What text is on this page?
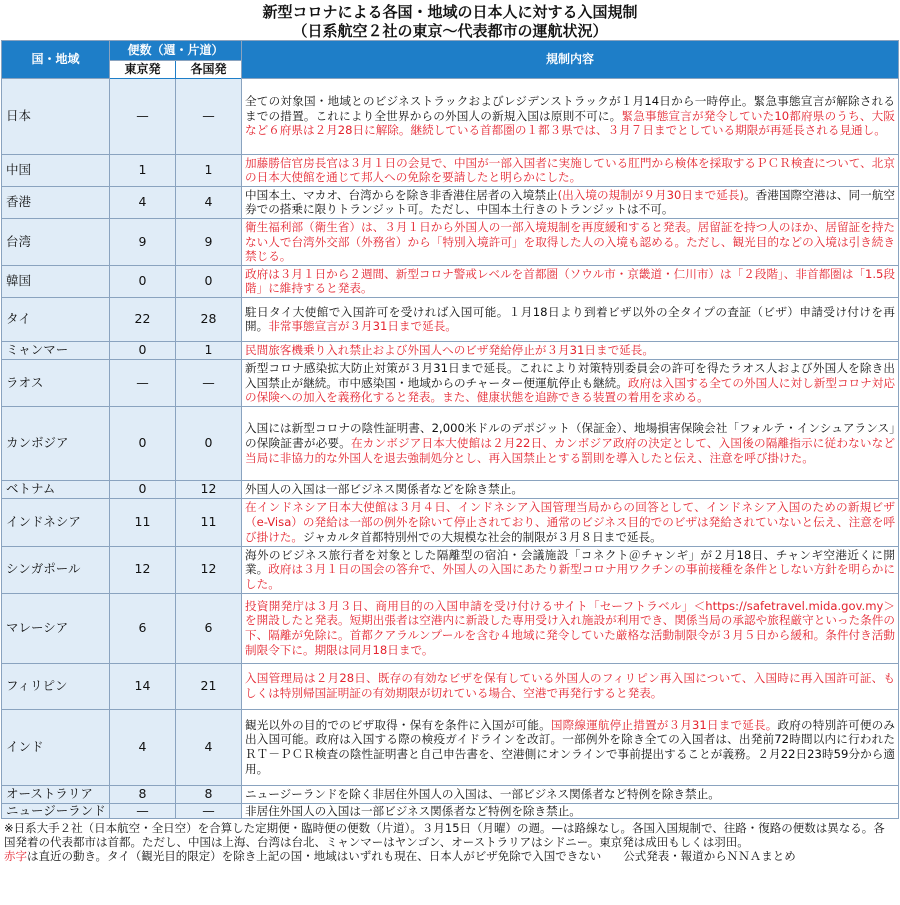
新型コロナによる各国・地域の日本人に対する入国規制
（日系航空２社の東京〜代表都市の運航状況）
国・地域	便数（週・片道）		規制内容
	東京発	各国発	
日本	—	—	全ての対象国・地域とのビジネストラックおよびレジデンストラックが１月14日から一時停止。緊急事態宣言が解除されるまでの措置。これにより全世界からの外国人の新規入国は原則不可に。緊急事態宣言が発令していた10都府県のうち、大阪など６府県は２月28日に解除。継続している首都圏の１都３県では、３月７日までとしている期限が再延長される見通し。
中国	1	1	加藤勝信官房長官は３月１日の会見で、中国が一部入国者に実施している肛門から検体を採取するＰＣＲ検査について、北京の日本大使館を通じて邦人への免除を要請したと明らかにした。
香港	4	4	中国本土、マカオ、台湾からを除き非香港住居者の入境禁止(出入境の規制が９月30日まで延長)。香港国際空港は、同一航空券での搭乗に限りトランジット可。ただし、中国本土行きのトランジットは不可。
台湾	9	9	衛生福利部（衛生省）は、３月１日から外国人の一部入境規制を再度緩和すると発表。居留証を持つ人のほか、居留証を持たない人で台湾外交部（外務省）から「特別入境許可」を取得した人の入境も認める。ただし、観光目的などの入境は引き続き禁じる。
韓国	0	0	政府は３月１日から２週間、新型コロナ警戒レベルを首都圏（ソウル市・京畿道・仁川市）は「２段階」、非首都圏は「1.5段階」に維持すると発表。
タイ	22	28	駐日タイ大使館で入国許可を受ければ入国可能。１月18日より到着ビザ以外の全タイプの査証（ビザ）申請受け付けを再開。非常事態宣言が３月31日まで延長。
ミャンマー	0	1	民間旅客機乗り入れ禁止および外国人へのビザ発給停止が３月31日まで延長。
ラオス	—	—	新型コロナ感染拡大防止対策が３月31日まで延長。これにより対策特別委員会の許可を得たラオス人および外国人を除き出入国禁止が継続。市中感染国・地域からのチャーター便運航停止も継続。政府は入国する全ての外国人に対し新型コロナ対応の保険への加入を義務化すると発表。また、健康状態を追跡できる装置の着用を求める。
カンボジア	0	0	入国には新型コロナの陰性証明書、2,000米ドルのデポジット（保証金）、地場損害保険会社「フォルテ・インシュアランス」の保険証書が必要。在カンボジア日本大使館は２月22日、カンボジア政府の決定として、入国後の隔離指示に従わないなど当局に非協力的な外国人を退去強制処分とし、再入国禁止とする罰則を導入したと伝え、注意を呼び掛けた。
ベトナム	0	12	外国人の入国は一部ビジネス関係者などを除き禁止。
インドネシア	11	11	在インドネシア日本大使館は３月４日、インドネシア入国管理当局からの回答として、インドネシア入国のための新規ビザ（e-Visa）の発給は一部の例外を除いて停止されており、通常のビジネス目的でのビザは発給されていないと伝え、注意を呼び掛けた。ジャカルタ首都特別州での大規模な社会的制限が３月８日まで延長。
シンガポール	12	12	海外のビジネス旅行者を対象とした隔離型の宿泊・会議施設「コネクト＠チャンギ」が２月18日、チャンギ空港近くに開業。政府は３月１日の国会の答弁で、外国人の入国にあたり新型コロナ用ワクチンの事前接種を条件としない方針を明らかにした。
マレーシア	6	6	投資開発庁は３月３日、商用目的の入国申請を受け付けるサイト「セーフトラベル」＜https://safetravel.mida.gov.my＞を開設したと発表。短期出張者は空港内に新設した専用受け入れ施設が利用でき、関係当局の承認や旅程厳守といった条件の下、隔離が免除に。首都クアラルンプールを含む４地域に発令していた厳格な活動制限令が３月５日から緩和。条件付き活動制限令下に。期限は同月18日まで。
フィリピン	14	21	入国管理局は２月28日、既存の有効なビザを保有している外国人のフィリピン再入国について、入国時に再入国許可証、もしくは特別帰国証明証の有効期限が切れている場合、空港で再発行すると発表。
インド	4	4	観光以外の目的でのビザ取得・保有を条件に入国が可能。国際線運航停止措置が３月31日まで延長。政府の特別許可便のみ出入国可能。政府は入国する際の検疫ガイドラインを改訂。一部例外を除き全ての入国者は、出発前72時間以内に行われたＲＴ－ＰＣＲ検査の陰性証明書と自己申告書を、空港側にオンラインで事前提出することが義務。２月22日23時59分から適用。
オーストラリア	8	8	ニュージーランドを除く非居住外国人の入国は、一部ビジネス関係者など特例を除き禁止。
ニュージーランド	—	—	非居住外国人の入国は一部ビジネス関係者など特例を除き禁止。
※日系大手２社（日本航空・全日空）を合算した定期便・臨時便の便数（片道）。３月15日（月曜）の週。—は路線なし。各国入国規制で、往路・復路の便数は異なる。各国発着の代表都市は首都。ただし、中国は上海、台湾は台北、ミャンマーはヤンゴン、オーストラリアはシドニー。東京発は成田もしくは羽田。
赤字は直近の動き。タイ（観光目的限定）を除き上記の国・地域はいずれも現在、日本人がビザ免除で入国できない 公式発表・報道からＮＮＡまとめ
